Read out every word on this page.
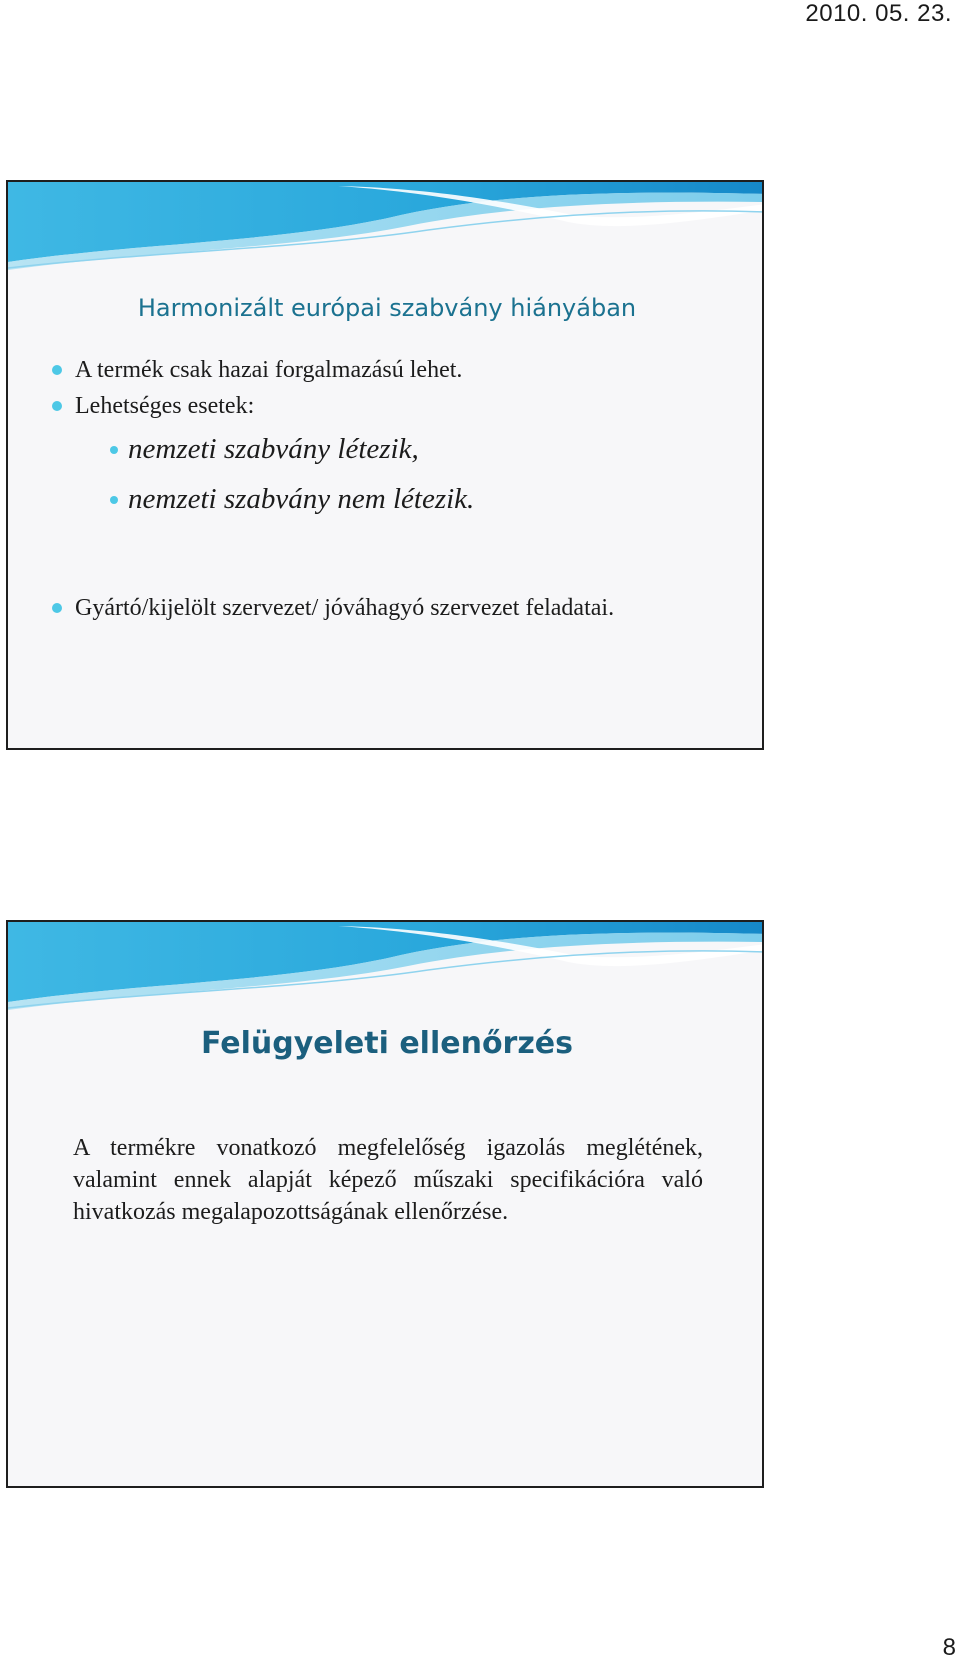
2010. 05. 23.
Harmonizált európai szabvány hiányában
A termék csak hazai forgalmazású lehet.
Lehetséges esetek:
nemzeti szabvány létezik,
nemzeti szabvány nem létezik.

Gyártó/kijelölt szervezet/ jóváhagyó szervezet feladatai.

Felügyeleti ellenőrzés

A termékre vonatkozó megfelelőség igazolás meglétének, valamint ennek alapját képező műszaki specifikációra való hivatkozás megalapozottságának ellenőrzése.

8
